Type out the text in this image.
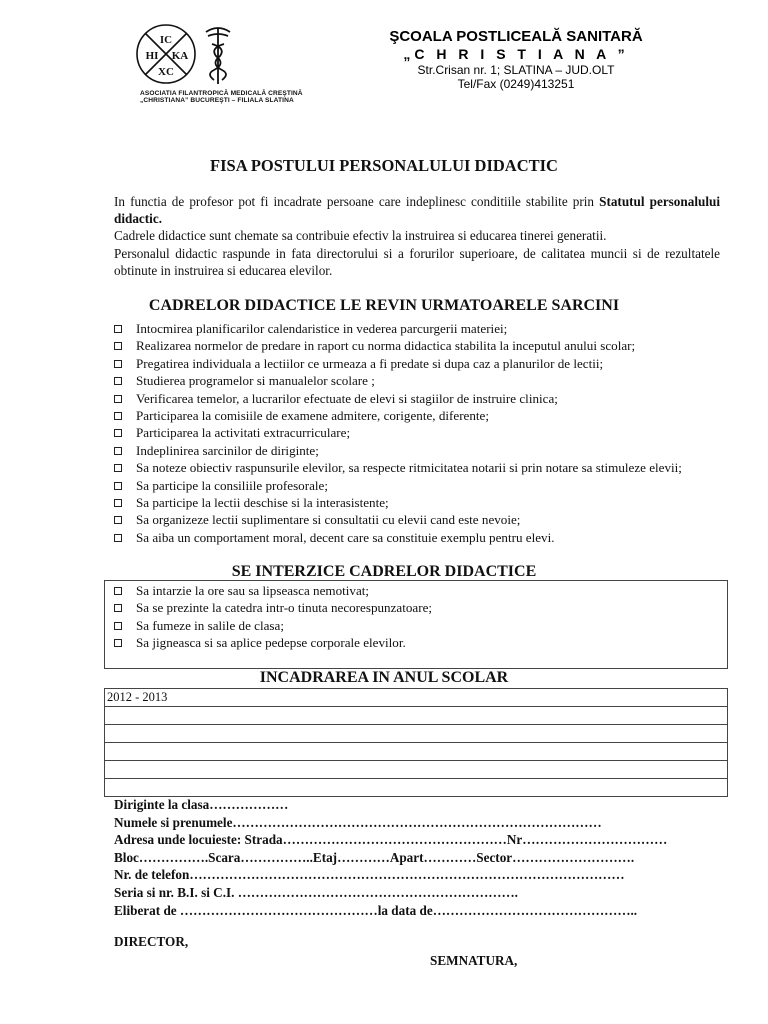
IC
XC
HI KA
ASOCIATIA FILANTROPICĂ MEDICALĂ CREŞTINĂ
„CHRISTIANA” BUCUREŞTI – FILIALA SLATINA
ŞCOALA POSTLICEALĂ SANITARĂ
„C H R I S T I A N A ”
Str.Crisan nr. 1; SLATINA – JUD.OLT
Tel/Fax (0249)413251
FISA POSTULUI PERSONALULUI DIDACTIC

In functia de profesor pot fi incadrate persoane care indeplinesc conditiile stabilite prin Statutul personalului didactic.

Cadrele didactice sunt chemate sa contribuie efectiv la instruirea si educarea tinerei generatii.

Personalul didactic raspunde in fata directorului si a forurilor superioare, de calitatea muncii si de rezultatele obtinute in instruirea si educarea elevilor.

CADRELOR DIDACTICE LE REVIN URMATOARELE SARCINI
Intocmirea planificarilor calendaristice in vederea parcurgerii materiei;
Realizarea normelor de predare in raport cu norma didactica stabilita la inceputul anului scolar;
Pregatirea individuala a lectiilor ce urmeaza a fi predate si dupa caz a planurilor de lectii;
Studierea programelor si manualelor scolare ;
Verificarea temelor, a lucrarilor efectuate de elevi si stagiilor de instruire clinica;
Participarea la comisiile de examene admitere, corigente, diferente;
Participarea la activitati extracurriculare;
Indeplinirea sarcinilor de diriginte;
Sa noteze obiectiv raspunsurile elevilor, sa respecte ritmicitatea notarii si prin notare sa stimuleze elevii;
Sa participe la consiliile profesorale;
Sa participe la lectii deschise si la interasistente;
Sa organizeze lectii suplimentare si consultatii cu elevii cand este nevoie;
Sa aiba un comportament moral, decent care sa constituie exemplu pentru elevi.
SE INTERZICE CADRELOR DIDACTICE
Sa intarzie la ore sau sa lipseasca nemotivat;
Sa se prezinte la catedra intr-o tinuta necorespunzatoare;
Sa fumeze in salile de clasa;
Sa jigneasca si sa aplice pedepse corporale elevilor.
INCADRAREA IN ANUL SCOLAR
2012 - 2013
Diriginte la clasa………………
Numele si prenumele…………………………………………………………………………
Adresa unde locuieste: Strada……………………………………………Nr……………………………
Bloc…………….Scara……………..Etaj…………Apart…………Sector……………………….
Nr. de telefon………………………………………………………………………………………
Seria si nr. B.I. si C.I. ……………………………………………………….
Eliberat de ………………………………………la data de………………………………………..
DIRECTOR,
SEMNATURA,
